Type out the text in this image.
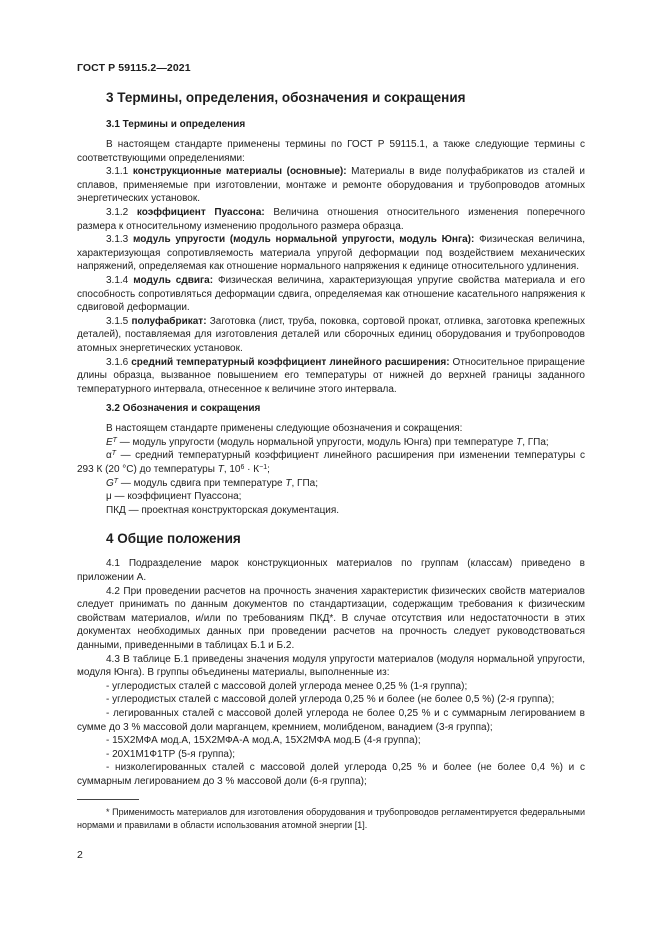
ГОСТ Р 59115.2—2021
3 Термины, определения, обозначения и сокращения
3.1 Термины и определения

В настоящем стандарте применены термины по ГОСТ Р 59115.1, а также следующие термины с соответствующими определениями:

3.1.1 конструкционные материалы (основные): Материалы в виде полуфабрикатов из сталей и сплавов, применяемые при изготовлении, монтаже и ремонте оборудования и трубопроводов атомных энергетических установок.

3.1.2 коэффициент Пуассона: Величина отношения относительного изменения поперечного размера к относительному изменению продольного размера образца.

3.1.3 модуль упругости (модуль нормальной упругости, модуль Юнга): Физическая величина, характеризующая сопротивляемость материала упругой деформации под воздействием механических напряжений, определяемая как отношение нормального напряжения к единице относительного удлинения.

3.1.4 модуль сдвига: Физическая величина, характеризующая упругие свойства материала и его способность сопротивляться деформации сдвига, определяемая как отношение касательного напряжения к сдвиговой деформации.

3.1.5 полуфабрикат: Заготовка (лист, труба, поковка, сортовой прокат, отливка, заготовка крепежных деталей), поставляемая для изготовления деталей или сборочных единиц оборудования и трубопроводов атомных энергетических установок.

3.1.6 средний температурный коэффициент линейного расширения: Относительное приращение длины образца, вызванное повышением его температуры от нижней до верхней границы заданного температурного интервала, отнесенное к величине этого интервала.

3.2 Обозначения и сокращения

В настоящем стандарте применены следующие обозначения и сокращения:

$E^T$ — модуль упругости (модуль нормальной упругости, модуль Юнга) при температуре T, ГПа;

$\alpha^T$ — средний температурный коэффициент линейного расширения при изменении температуры с 293 К (20 °С) до температуры T, $10^6 \cdot К^{-1}$;

$G^T$ — модуль сдвига при температуре T, ГПа;

μ — коэффициент Пуассона;

ПКД — проектная конструкторская документация.

4 Общие положения

4.1 Подразделение марок конструкционных материалов по группам (классам) приведено в приложении А.

4.2 При проведении расчетов на прочность значения характеристик физических свойств материалов следует принимать по данным документов по стандартизации, содержащим требования к физическим свойствам материалов, и/или по требованиям ПКД*. В случае отсутствия или недостаточности в этих документах необходимых данных при проведении расчетов на прочность следует руководствоваться данными, приведенными в таблицах Б.1 и Б.2.

4.3 В таблице Б.1 приведены значения модуля упругости материалов (модуля нормальной упругости, модуля Юнга). В группы объединены материалы, выполненные из:

- углеродистых сталей с массовой долей углерода менее 0,25 % (1-я группа);

- углеродистых сталей с массовой долей углерода 0,25 % и более (не более 0,5 %) (2-я группа);

- легированных сталей с массовой долей углерода не более 0,25 % и с суммарным легированием в сумме до 3 % массовой доли марганцем, кремнием, молибденом, ванадием (3-я группа);

- 15Х2МФА мод.А, 15Х2МФА-А мод.А, 15Х2МФА мод.Б (4-я группа);

- 20Х1М1Ф1ТР (5-я группа);

- низколегированных сталей с массовой долей углерода 0,25 % и более (не более 0,4 %) и с суммарным легированием до 3 % массовой доли (6-я группа);

* Применимость материалов для изготовления оборудования и трубопроводов регламентируется федеральными нормами и правилами в области использования атомной энергии [1].

2
